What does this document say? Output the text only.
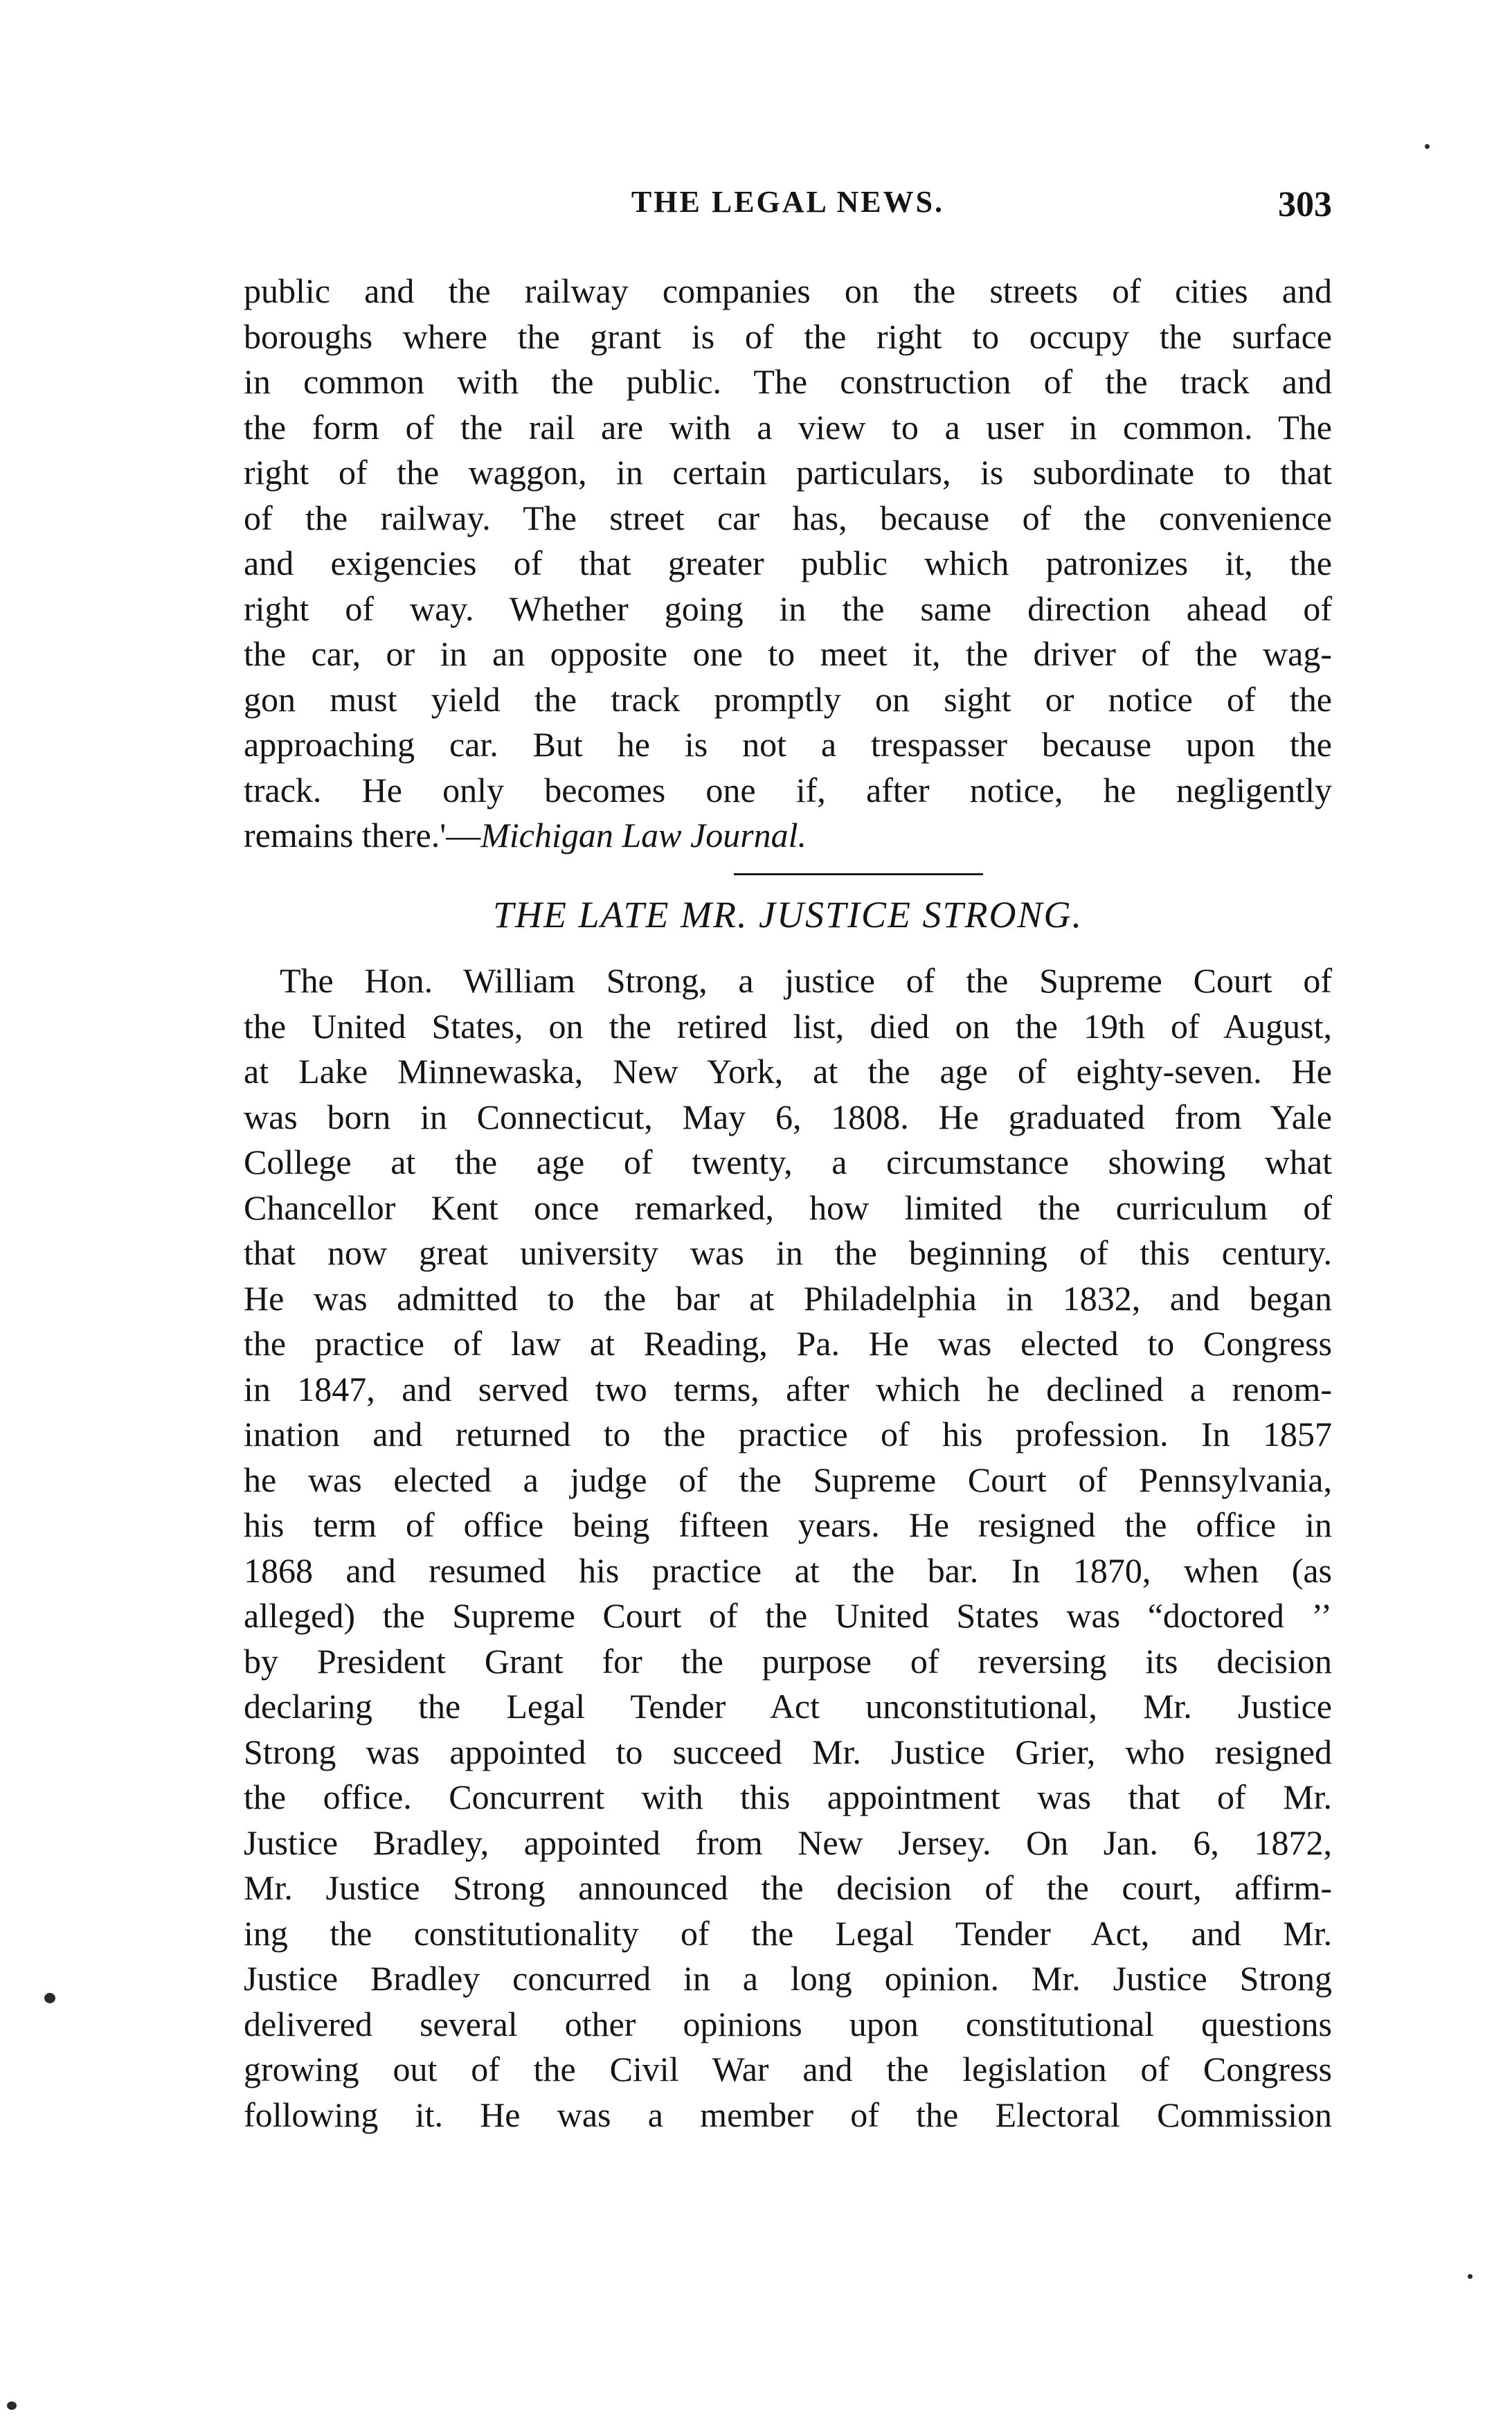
THE LEGAL NEWS.	303
public and the railway companies on the streets of cities and
boroughs where the grant is of the right to occupy the surface
in common with the public. The construction of the track and
the form of the rail are with a view to a user in common. The
right of the waggon, in certain particulars, is subordinate to that
of the railway. The street car has, because of the convenience
and exigencies of that greater public which patronizes it, the
right of way. Whether going in the same direction ahead of
the car, or in an opposite one to meet it, the driver of the wag-
gon must yield the track promptly on sight or notice of the
approaching car. But he is not a trespasser because upon the
track. He only becomes one if, after notice, he negligently
remains there.'—Michigan Law Journal.
THE LATE MR. JUSTICE STRONG.
The Hon. William Strong, a justice of the Supreme Court of
the United States, on the retired list, died on the 19th of August,
at Lake Minnewaska, New York, at the age of eighty-seven. He
was born in Connecticut, May 6, 1808. He graduated from Yale
College at the age of twenty, a circumstance showing what
Chancellor Kent once remarked, how limited the curriculum of
that now great university was in the beginning of this century.
He was admitted to the bar at Philadelphia in 1832, and began
the practice of law at Reading, Pa. He was elected to Congress
in 1847, and served two terms, after which he declined a renom-
ination and returned to the practice of his profession. In 1857
he was elected a judge of the Supreme Court of Pennsylvania,
his term of office being fifteen years. He resigned the office in
1868 and resumed his practice at the bar. In 1870, when (as
alleged) the Supreme Court of the United States was “doctored ’’
by President Grant for the purpose of reversing its decision
declaring the Legal Tender Act unconstitutional, Mr. Justice
Strong was appointed to succeed Mr. Justice Grier, who resigned
the office. Concurrent with this appointment was that of Mr.
Justice Bradley, appointed from New Jersey. On Jan. 6, 1872,
Mr. Justice Strong announced the decision of the court, affirm-
ing the constitutionality of the Legal Tender Act, and Mr.
Justice Bradley concurred in a long opinion. Mr. Justice Strong
delivered several other opinions upon constitutional questions
growing out of the Civil War and the legislation of Congress
following it. He was a member of the Electoral Commission
